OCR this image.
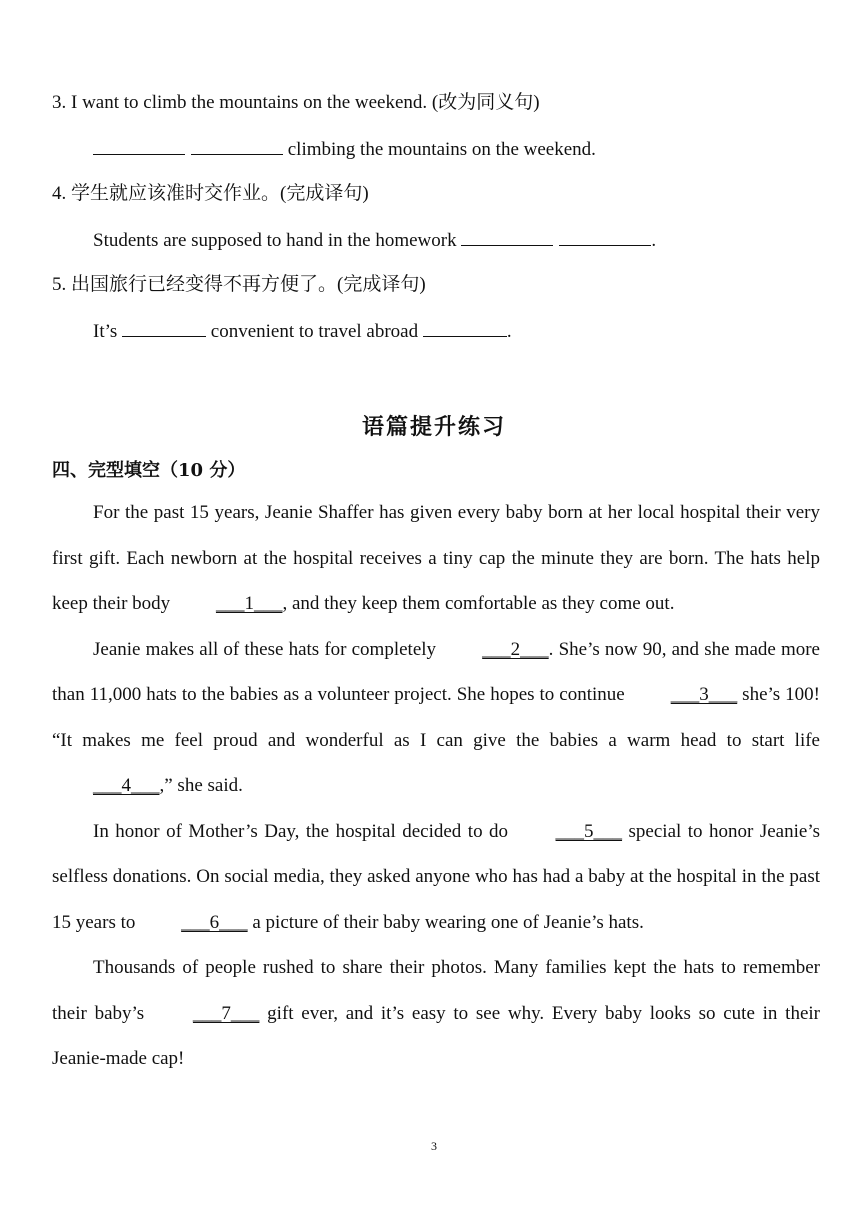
3. I want to climb the mountains on the weekend. (改为同义句)
climbing the mountains on the weekend.
4. 学生就应该准时交作业。(完成译句)
Students are supposed to hand in the homework	.
5. 出国旅行已经变得不再方便了。(完成译句)
It’s	convenient to travel abroad	.
语篇提升练习
四、完型填空（10 分）

For the past 15 years, Jeanie Shaffer has given every baby born at her local hospital their very first gift. Each newborn at the hospital receives a tiny cap the minute they are born. The hats help keep their body ___1___, and they keep them comfortable as they come out.

Jeanie makes all of these hats for completely ___2___. She’s now 90, and she made more than 11,000 hats to the babies as a volunteer project. She hopes to continue ___3___ she’s 100! “It makes me feel proud and wonderful as I can give the babies a warm head to start life ___4___,” she said.

In honor of Mother’s Day, the hospital decided to do ___5___ special to honor Jeanie’s selfless donations. On social media, they asked anyone who has had a baby at the hospital in the past 15 years to ___6___ a picture of their baby wearing one of Jeanie’s hats.

Thousands of people rushed to share their photos. Many families kept the hats to remember their baby’s ___7___ gift ever, and it’s easy to see why. Every baby looks so cute in their Jeanie-made cap!

3
